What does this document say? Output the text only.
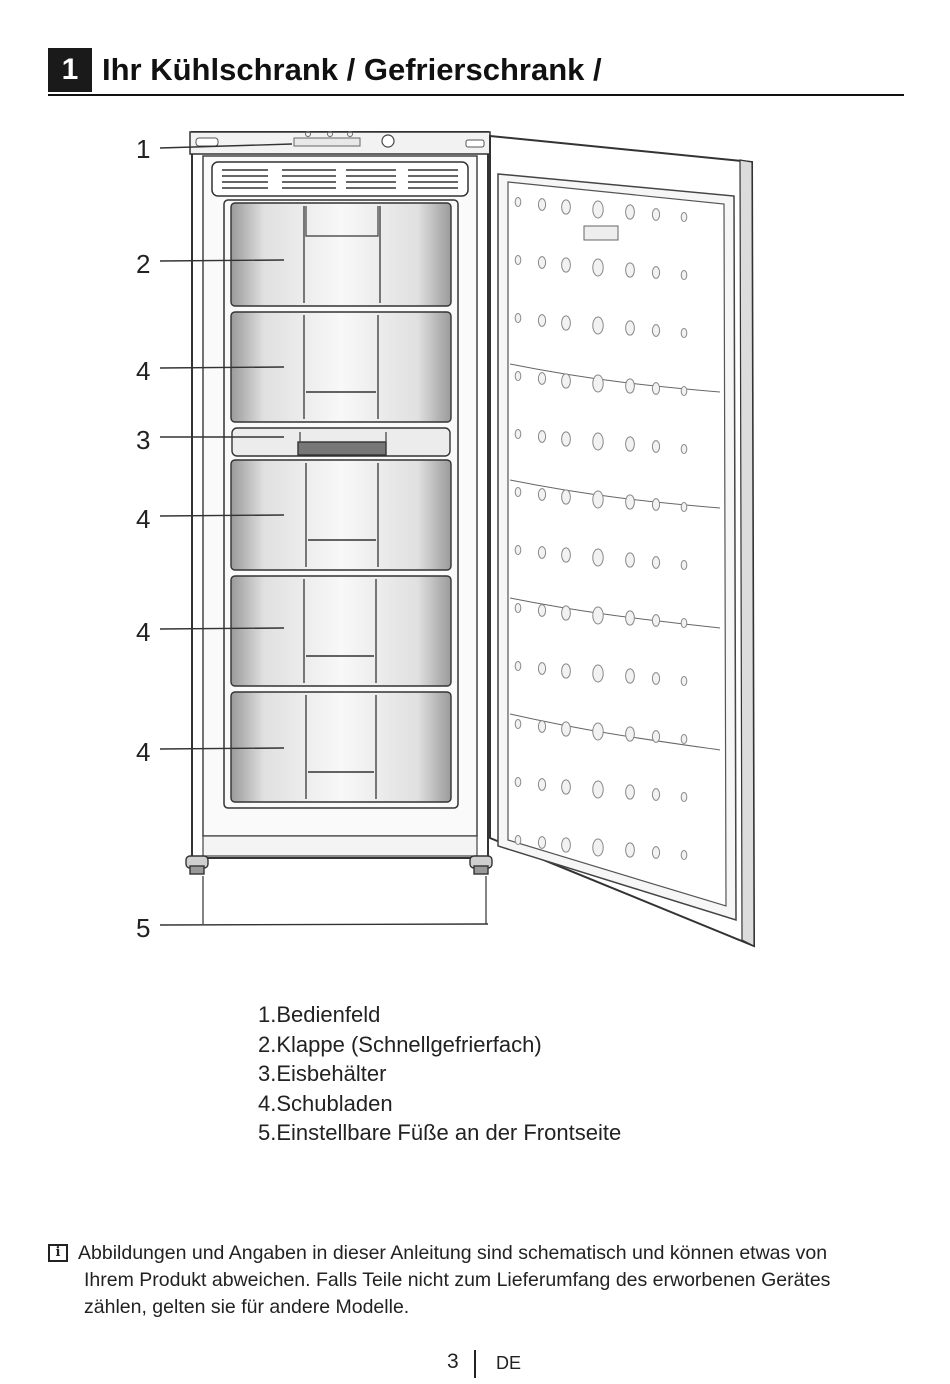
1 Ihr Kühlschrank / Gefrierschrank /
1
2
4
3
4
4
4
5
1.Bedienfeld
2.Klappe (Schnellgefrierfach)
3.Eisbehälter
4.Schubladen
5.Einstellbare Füße an der Frontseite
i Abbildungen und Angaben in dieser Anleitung sind schematisch und können etwas von
Ihrem Produkt abweichen. Falls Teile nicht zum Lieferumfang des erworbenen Gerätes
zählen, gelten sie für andere Modelle.
3 DE
